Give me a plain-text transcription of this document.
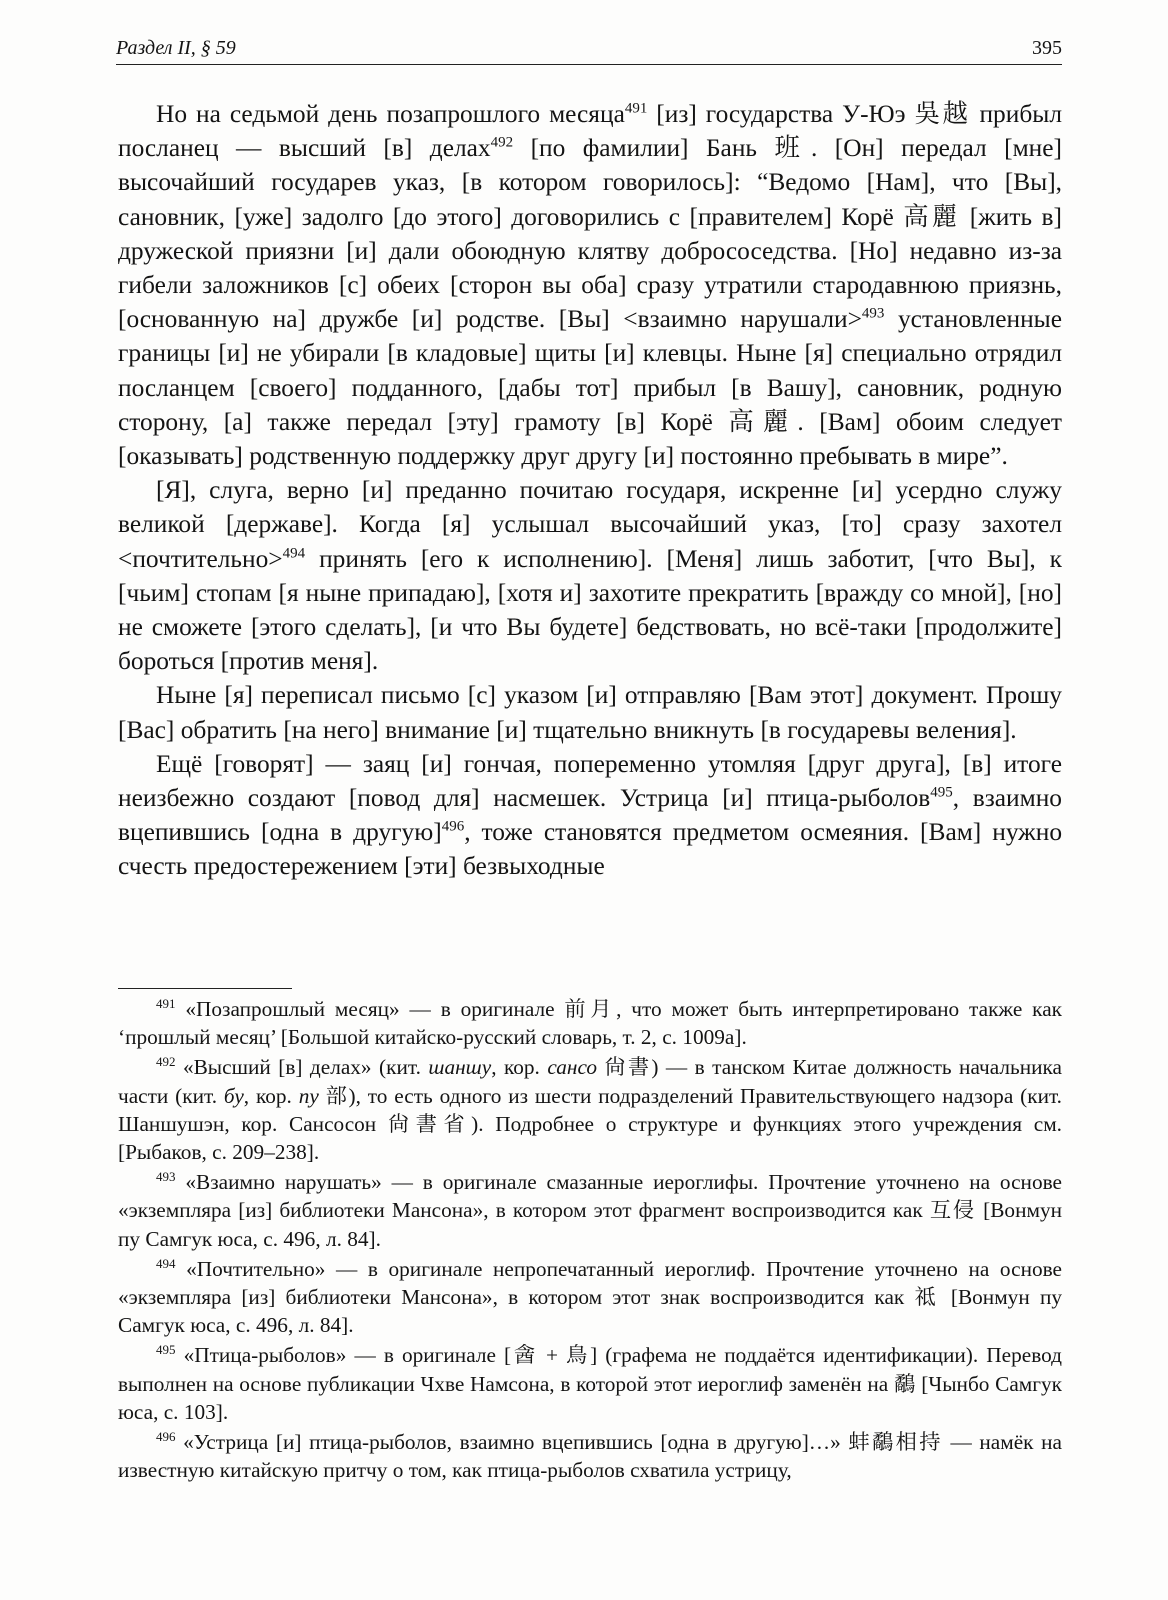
Раздел II, § 59	395

Но на седьмой день позапрошлого месяца$^{491}$ [из] государства У-Юэ 吳越 прибыл посланец — высший [в] делах$^{492}$ [по фамилии] Бань 班. [Он] передал [мне] высочайший государев указ, [в котором говорилось]: “Ведомо [Нам], что [Вы], сановник, [уже] задолго [до этого] договорились с [правителем] Корё 高麗 [жить в] дружеской приязни [и] дали обоюдную клятву добрососедства. [Но] недавно из-за гибели заложников [с] обеих [сторон вы оба] сразу утратили стародавнюю приязнь, [основанную на] дружбе [и] родстве. [Вы] <взаимно нарушали>$^{493}$ установленные границы [и] не убирали [в кладовые] щиты [и] клевцы. Ныне [я] специально отрядил посланцем [своего] подданного, [дабы тот] прибыл [в Вашу], сановник, родную сторону, [а] также передал [эту] грамоту [в] Корё 高麗. [Вам] обоим следует [оказывать] родственную поддержку друг другу [и] постоянно пребывать в мире”.

[Я], слуга, верно [и] преданно почитаю государя, искренне [и] усердно служу великой [державе]. Когда [я] услышал высочайший указ, [то] сразу захотел <почтительно>$^{494}$ принять [его к исполнению]. [Меня] лишь заботит, [что Вы], к [чьим] стопам [я ныне припадаю], [хотя и] захотите прекратить [вражду со мной], [но] не сможете [этого сделать], [и что Вы будете] бедствовать, но всё-таки [продолжите] бороться [против меня].

Ныне [я] переписал письмо [с] указом [и] отправляю [Вам этот] документ. Прошу [Вас] обратить [на него] внимание [и] тщательно вникнуть [в государевы веления].

Ещё [говорят] — заяц [и] гончая, попеременно утомляя [друг друга], [в] итоге неизбежно создают [повод для] насмешек. Устрица [и] птица-рыболов$^{495}$, взаимно вцепившись [одна в другую]$^{496}$, тоже становятся предметом осмеяния. [Вам] нужно счесть предостережением [эти] безвыходные

$^{491}$ «Позапрошлый месяц» — в оригинале 前月, что может быть интерпретировано также как ‘прошлый месяц’ [Большой китайско-русский словарь, т. 2, с. 1009а].

$^{492}$ «Высший [в] делах» (кит. шаншу, кор. сансо 尙書) — в танском Китае должность начальника части (кит. бу, кор. пу 部), то есть одного из шести подразделений Правительствующего надзора (кит. Шаншушэн, кор. Сансосон 尙書省). Подробнее о структуре и функциях этого учреждения см. [Рыбаков, с. 209–238].

$^{493}$ «Взаимно нарушать» — в оригинале смазанные иероглифы. Прочтение уточнено на основе «экземпляра [из] библиотеки Мансона», в котором этот фрагмент воспроизводится как 互侵 [Вонмун пу Самгук юса, с. 496, л. 84].

$^{494}$ «Почтительно» — в оригинале непропечатанный иероглиф. Прочтение уточнено на основе «экземпляра [из] библиотеки Мансона», в котором этот знак воспроизводится как 祗 [Вонмун пу Самгук юса, с. 496, л. 84].

$^{495}$ «Птица-рыболов» — в оригинале [酓 + 鳥] (графема не поддаётся идентификации). Перевод выполнен на основе публикации Чхве Намсона, в которой этот иероглиф заменён на 鷸 [Чынбо Самгук юса, с. 103].

$^{496}$ «Устрица [и] птица-рыболов, взаимно вцепившись [одна в другую]…» 蚌鷸相持 — намёк на известную китайскую притчу о том, как птица-рыболов схватила устрицу,
